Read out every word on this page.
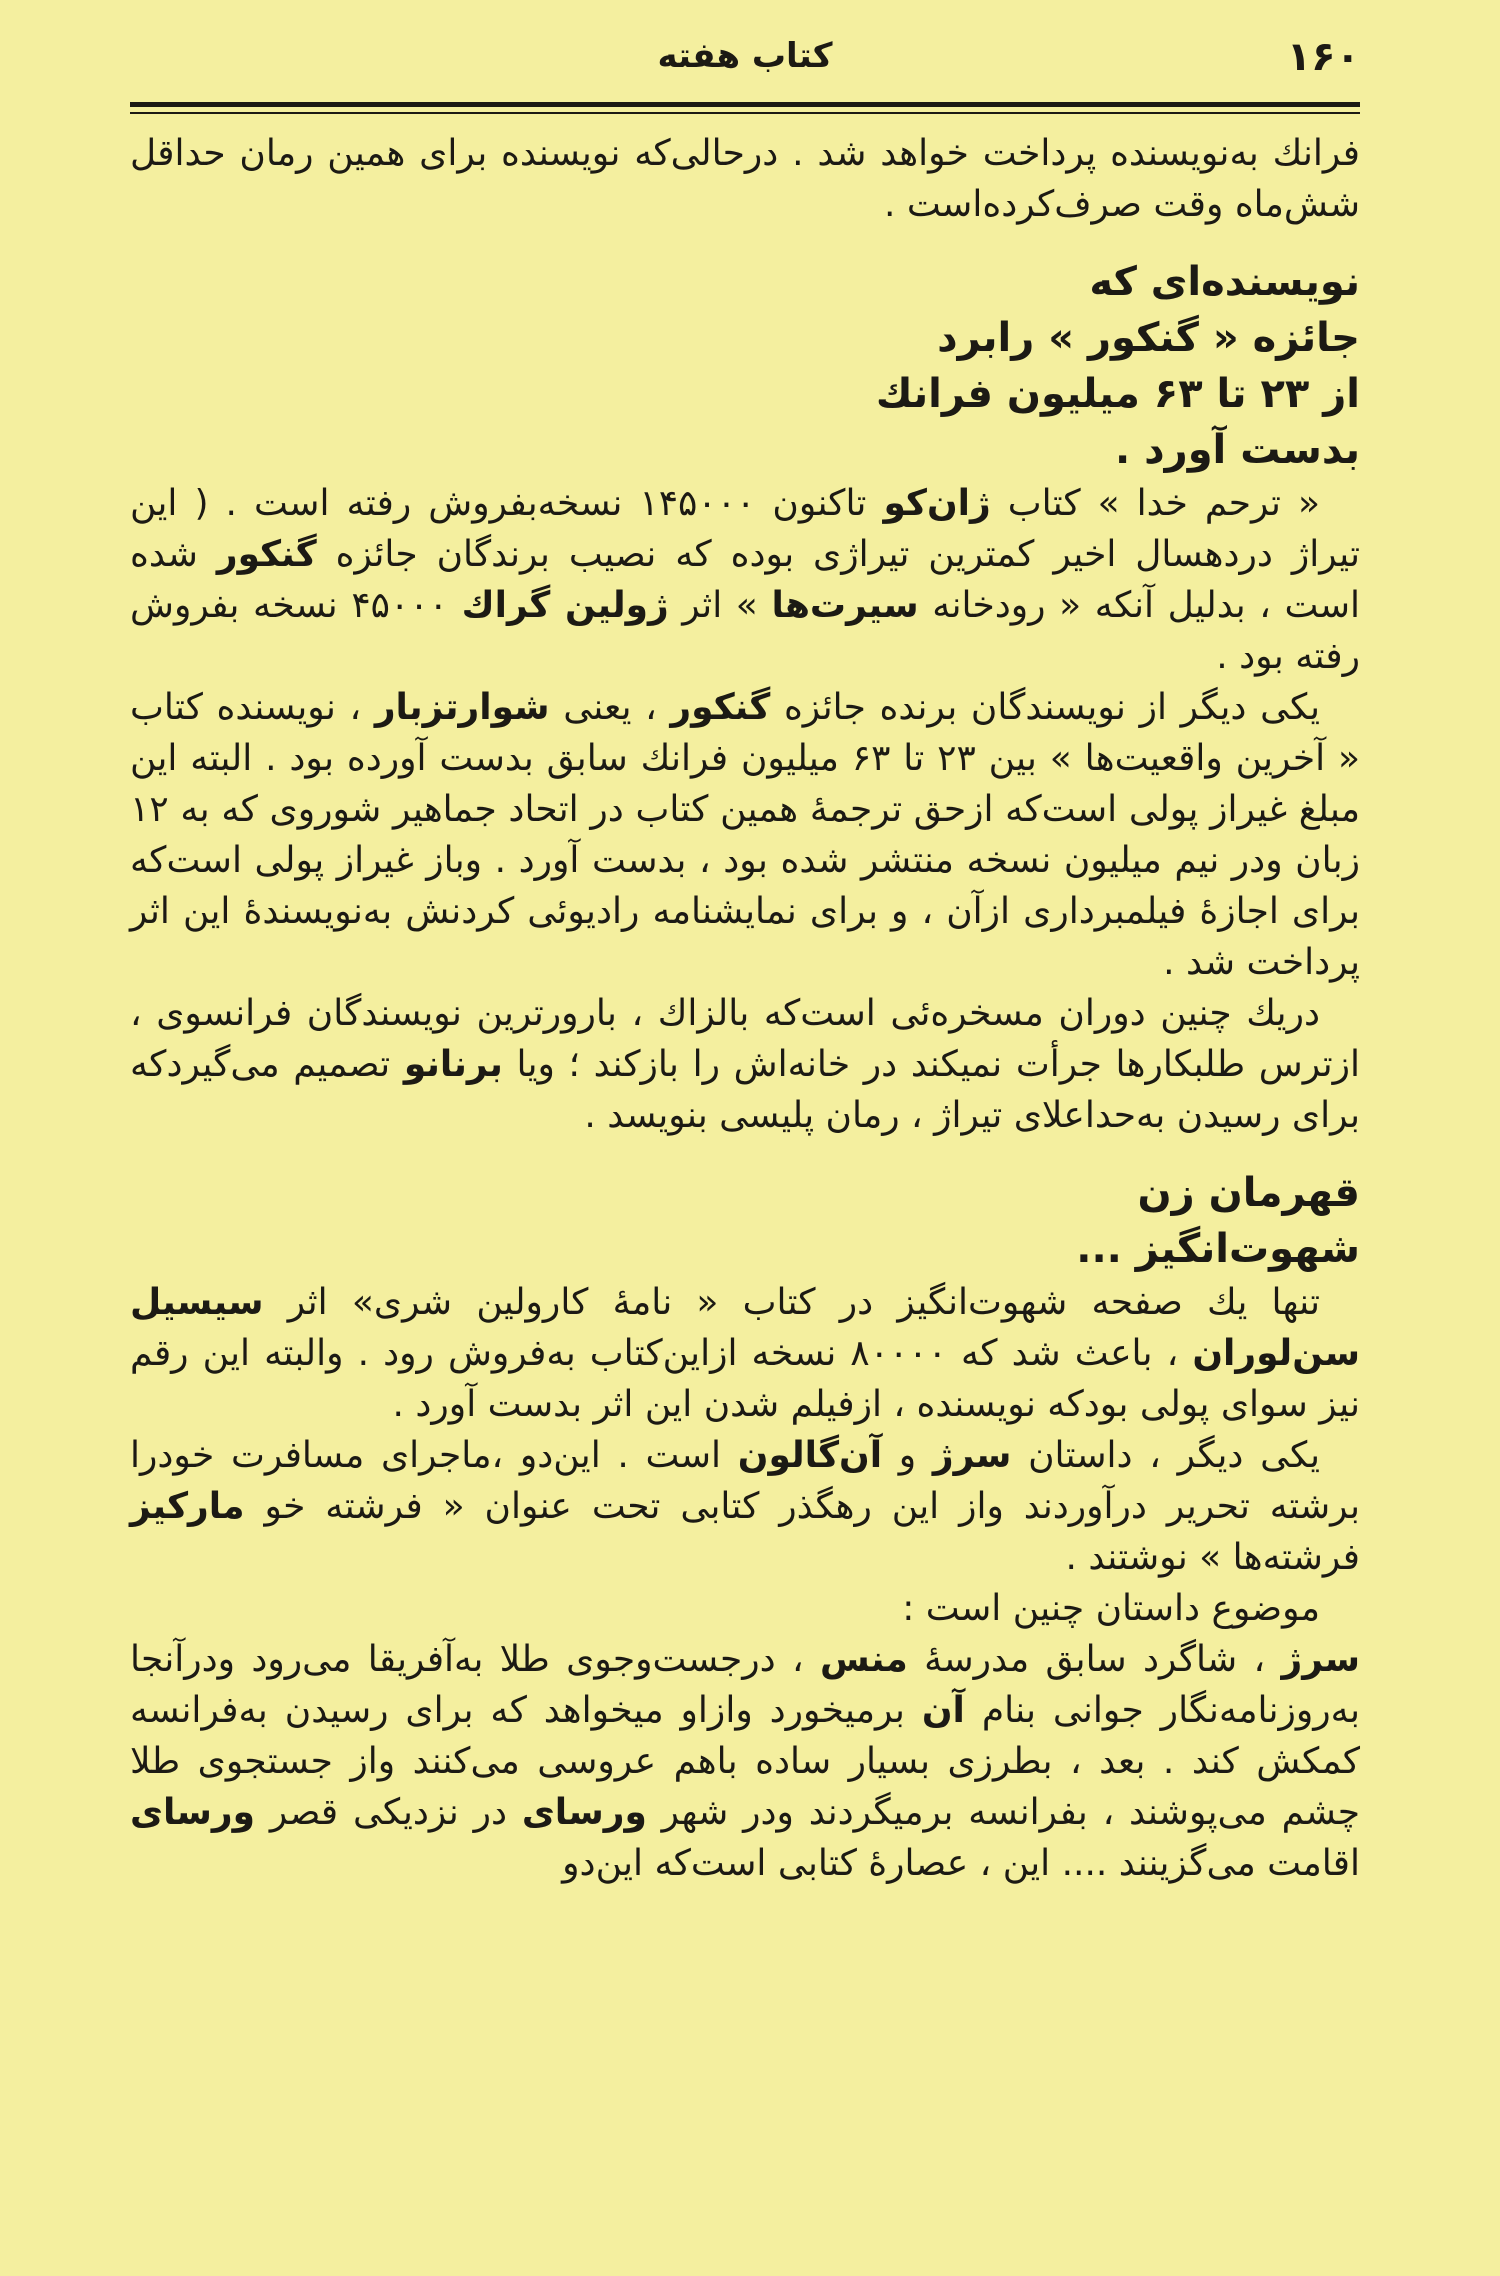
۱۶۰
کتاب هفته

فرانك به‌نویسنده پرداخت خواهد شد . درحالی‌که نویسنده برای همین رمان حداقل شش‌ماه وقت صرف‌کرده‌است .

نویسنده‌ای که
جائزه « گنکور » رابرد
از ۲۳ تا ۶۳ میلیون فرانك
بدست آورد .

« ترحم خدا » کتاب ژان‌کو تاکنون ۱۴۵۰۰۰ نسخه‌بفروش رفته است . ( این تیراژ دردهسال اخیر کمترین تیراژی بوده که نصیب برندگان جائزه گنکور شده است ، بدلیل آنکه « رودخانه سیرت‌ها » اثر ژولین گراك ۴۵۰۰۰ نسخه بفروش رفته بود .

یکی دیگر از نویسندگان برنده جائزه گنکور ، یعنی شوارتزبار ، نویسنده کتاب « آخرین واقعیت‌ها » بین ۲۳ تا ۶۳ میلیون فرانك سابق بدست آورده بود . البته این مبلغ غیراز پولی است‌که ازحق ترجمهٔ همین کتاب در اتحاد جماهیر شوروی که به ۱۲ زبان ودر نیم میلیون نسخه منتشر شده بود ، بدست آورد . وباز غیراز پولی است‌که برای اجازهٔ فیلمبرداری ازآن ، و برای نمایشنامه رادیوئی کردنش به‌نویسندهٔ این اثر پرداخت شد .

دریك چنین دوران مسخره‌ئی است‌که بالزاك ، بارورترین نویسندگان فرانسوی ، ازترس طلبکارها جرأت نمیکند در خانه‌اش را بازکند ؛ ویا برنانو تصمیم می‌گیردکه برای رسیدن به‌حداعلای تیراژ ، رمان پلیسی بنویسد .

قهرمان زن
شهوت‌انگیز ...

تنها یك صفحه شهوت‌انگیز در کتاب « نامهٔ کارولین شری» اثر سیسیل سن‌لوران ، باعث شد که ۸۰۰۰۰ نسخه ازاین‌کتاب به‌فروش رود . والبته این رقم نیز سوای پولی بودکه نویسنده ، ازفیلم شدن این اثر بدست آورد .

یکی دیگر ، داستان سرژ و آن‌گالون است . این‌دو ،ماجرای مسافرت خودرا برشته تحریر درآوردند واز این رهگذر کتابی تحت عنوان « فرشته خو مارکیز فرشته‌ها » نوشتند .

موضوع داستان چنین است :

سرژ ، شاگرد سابق مدرسهٔ منس ، درجست‌وجوی طلا به‌آفریقا می‌رود ودرآنجا به‌روزنامه‌نگار جوانی بنام آن برمیخورد وازاو میخواهد که برای رسیدن به‌فرانسه کمکش کند . بعد ، بطرزی بسیار ساده باهم عروسی می‌کنند واز جستجوی طلا چشم می‌پوشند ، بفرانسه برمیگردند ودر شهر ورسای در نزدیکی قصر ورسای اقامت می‌گزینند .... این ، عصارهٔ کتابی است‌که این‌دو
